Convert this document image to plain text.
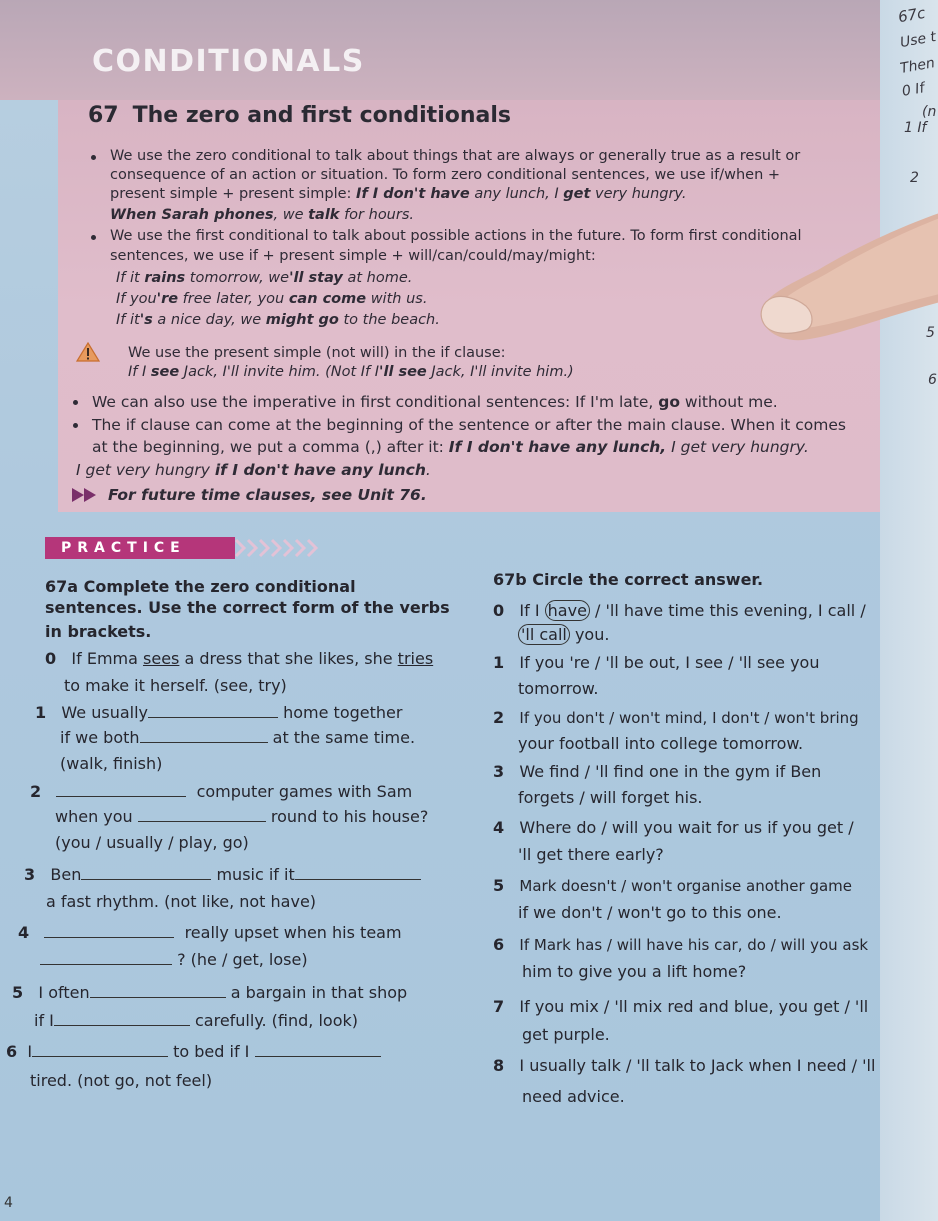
CONDITIONALS
67 The zero and first conditionals
We use the zero conditional to talk about things that are always or generally true as a result or
consequence of an action or situation. To form zero conditional sentences, we use if/when +
present simple + present simple: If I don't have any lunch, I get very hungry.
When Sarah phones, we talk for hours.
We use the first conditional to talk about possible actions in the future. To form first conditional
sentences, we use if + present simple + will/can/could/may/might:
If it rains tomorrow, we'll stay at home.
If you're free later, you can come with us.
If it's a nice day, we might go to the beach.
We use the present simple (not will) in the if clause:
If I see Jack, I'll invite him. (Not If I'll see Jack, I'll invite him.)
We can also use the imperative in first conditional sentences: If I'm late, go without me.
The if clause can come at the beginning of the sentence or after the main clause. When it comes
at the beginning, we put a comma (,) after it: If I don't have any lunch, I get very hungry.
I get very hungry if I don't have any lunch.
For future time clauses, see Unit 76.
PRACTICE
67a Complete the zero conditional
sentences. Use the correct form of the verbs
in brackets.
0 If Emma sees a dress that she likes, she tries
to make it herself. (see, try)
1 We usually	home together
if we both	at the same time.
(walk, finish)
2	computer games with Sam
when you	round to his house?
(you / usually / play, go)
3 Ben	music if it
a fast rhythm. (not like, not have)
4	really upset when his team
? (he / get, lose)
5 I often	a bargain in that shop
if I	carefully. (find, look)
6 I	to bed if I
tired. (not go, not feel)
67b Circle the correct answer.
0 If I have / 'll have time this evening, I call /
'll call you.
1 If you 're / 'll be out, I see / 'll see you
tomorrow.
2 If you don't / won't mind, I don't / won't bring
your football into college tomorrow.
3 We find / 'll find one in the gym if Ben
forgets / will forget his.
4 Where do / will you wait for us if you get /
'll get there early?
5 Mark doesn't / won't organise another game
if we don't / won't go to this one.
6 If Mark has / will have his car, do / will you ask
him to give you a lift home?
7 If you mix / 'll mix red and blue, you get / 'll
get purple.
8 I usually talk / 'll talk to Jack when I need / 'll
need advice.
67c
Use t
Then
0 If
(n
1 If
2
5
6
4
